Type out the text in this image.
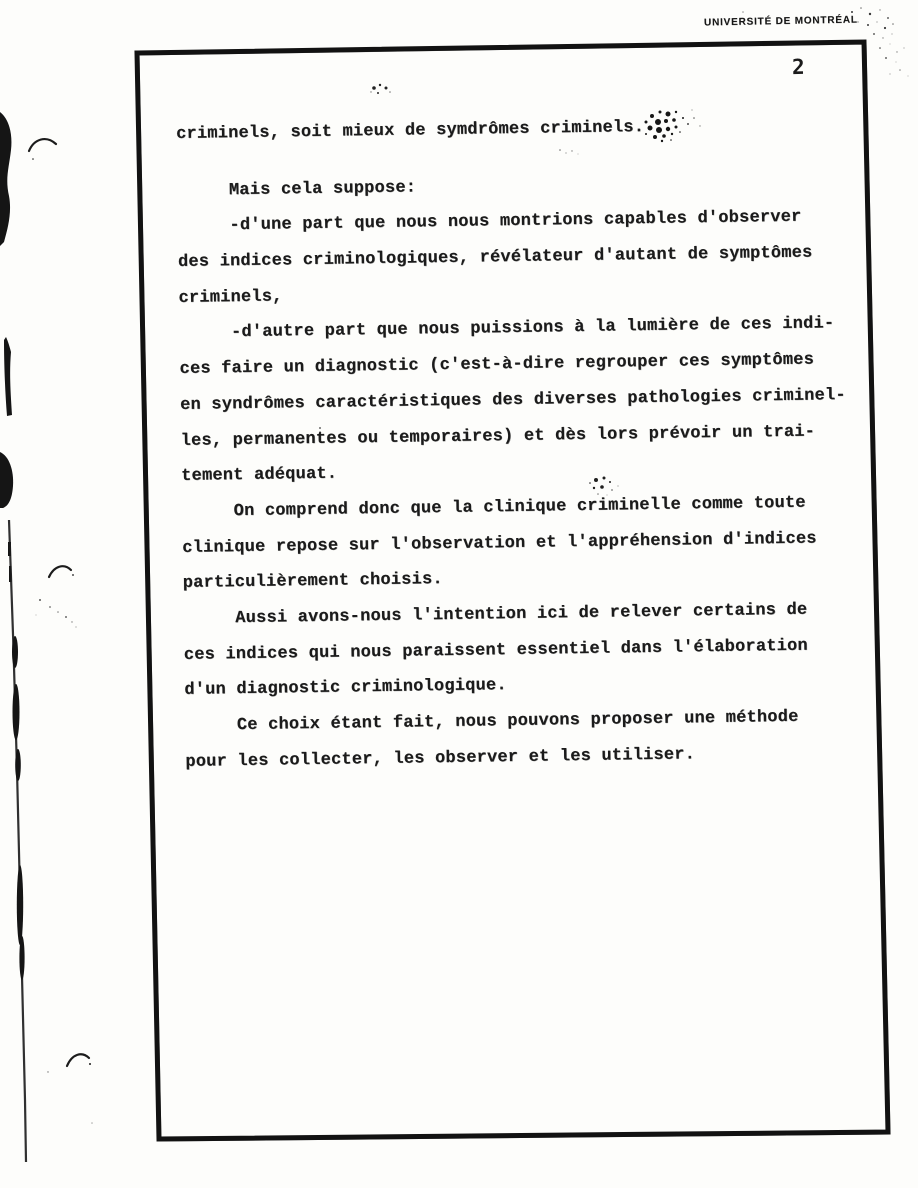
UNIVERSITÉ DE MONTRÉAL
2
criminels, soit mieux de symdrômes criminels.
Mais cela suppose:
-d'une part que nous nous montrions capables d'observer
des indices criminologiques, révélateur d'autant de symptômes
criminels,
-d'autre part que nous puissions à la lumière de ces indi-
ces faire un diagnostic (c'est-à-dire regrouper ces symptômes
en syndrômes caractéristiques des diverses pathologies criminel-
les, permanentes ou temporaires) et dès lors prévoir un trai-
tement adéquat.
On comprend donc que la clinique criminelle comme toute
clinique repose sur l'observation et l'appréhension d'indices
particulièrement choisis.
Aussi avons-nous l'intention ici de relever certains de
ces indices qui nous paraissent essentiel dans l'élaboration
d'un diagnostic criminologique.
Ce choix étant fait, nous pouvons proposer une méthode
pour les collecter, les observer et les utiliser.
